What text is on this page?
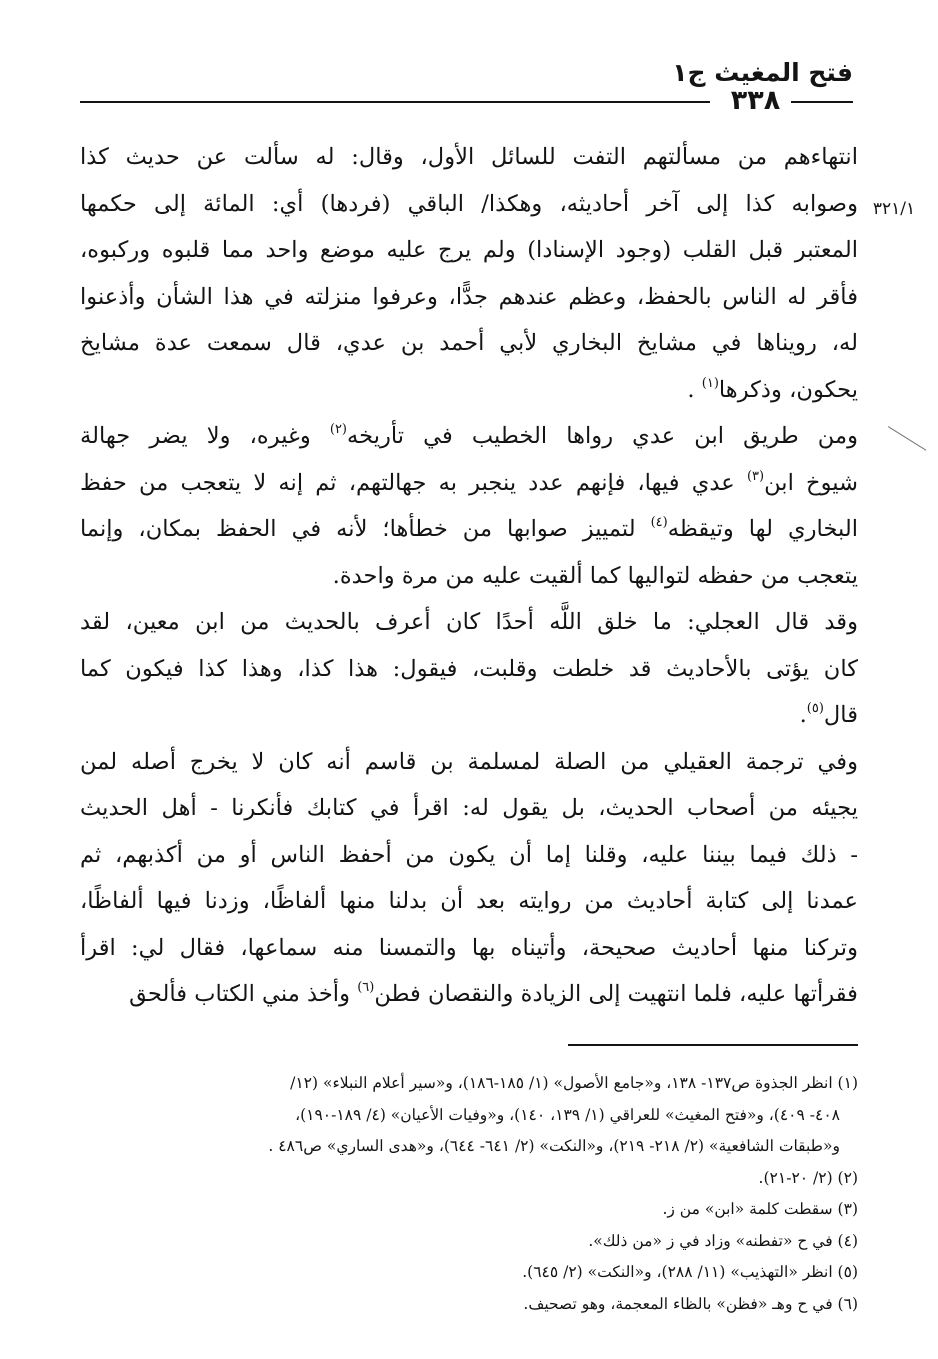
فتح المغيث ج١
٣٣٨
٣٢١/١
انتهاءهم من مسألتهم التفت للسائل الأول، وقال: له سألت عن حديث كذا
وصوابه كذا إلى آخر أحاديثه، وهكذا/ الباقي (فردها) أي: المائة إلى حكمها
المعتبر قبل القلب (وجود الإسنادا) ولم يرج عليه موضع واحد مما قلبوه وركبوه،
فأقر له الناس بالحفظ، وعظم عندهم جدًّا، وعرفوا منزلته في هذا الشأن وأذعنوا
له، رويناها في مشايخ البخاري لأبي أحمد بن عدي، قال سمعت عدة مشايخ
يحكون، وذكرها$^{(١)}$ .
ومن طريق ابن عدي رواها الخطيب في تأريخه$^{(٢)}$ وغيره، ولا يضر جهالة
شيوخ ابن$^{(٣)}$ عدي فيها، فإنهم عدد ينجبر به جهالتهم، ثم إنه لا يتعجب من حفظ
البخاري لها وتيقظه$^{(٤)}$ لتمييز صوابها من خطأها؛ لأنه في الحفظ بمكان، وإنما
يتعجب من حفظه لتواليها كما ألقيت عليه من مرة واحدة.
وقد قال العجلي: ما خلق اللَّه أحدًا كان أعرف بالحديث من ابن معين، لقد
كان يؤتى بالأحاديث قد خلطت وقلبت، فيقول: هذا كذا، وهذا كذا فيكون كما
قال$^{(٥)}$.
وفي ترجمة العقيلي من الصلة لمسلمة بن قاسم أنه كان لا يخرج أصله لمن
يجيئه من أصحاب الحديث، بل يقول له: اقرأ في كتابك فأنكرنا - أهل الحديث
- ذلك فيما بيننا عليه، وقلنا إما أن يكون من أحفظ الناس أو من أكذبهم، ثم
عمدنا إلى كتابة أحاديث من روايته بعد أن بدلنا منها ألفاظًا، وزدنا فيها ألفاظًا،
وتركنا منها أحاديث صحيحة، وأتيناه بها والتمسنا منه سماعها، فقال لي: اقرأ
فقرأتها عليه، فلما انتهيت إلى الزيادة والنقصان فطن$^{(٦)}$ وأخذ مني الكتاب فألحق
(١) انظر الجذوة ص١٣٧- ١٣٨، و«جامع الأصول» (١/ ١٨٥-١٨٦)، و«سير أعلام النبلاء» (١٢/
٤٠٨- ٤٠٩)، و«فتح المغيث» للعراقي (١/ ١٣٩، ١٤٠)، و«وفيات الأعيان» (٤/ ١٨٩-١٩٠)،
و«طبقات الشافعية» (٢/ ٢١٨- ٢١٩)، و«النكت» (٢/ ٦٤١- ٦٤٤)، و«هدى الساري» ص٤٨٦ .
(٢) (٢/ ٢٠-٢١).
(٣) سقطت كلمة «ابن» من ز.
(٤) في ح «تفطنه» وزاد في ز «من ذلك».
(٥) انظر «التهذيب» (١١/ ٢٨٨)، و«النكت» (٢/ ٦٤٥).
(٦) في ح وهـ «فظن» بالظاء المعجمة، وهو تصحيف.
